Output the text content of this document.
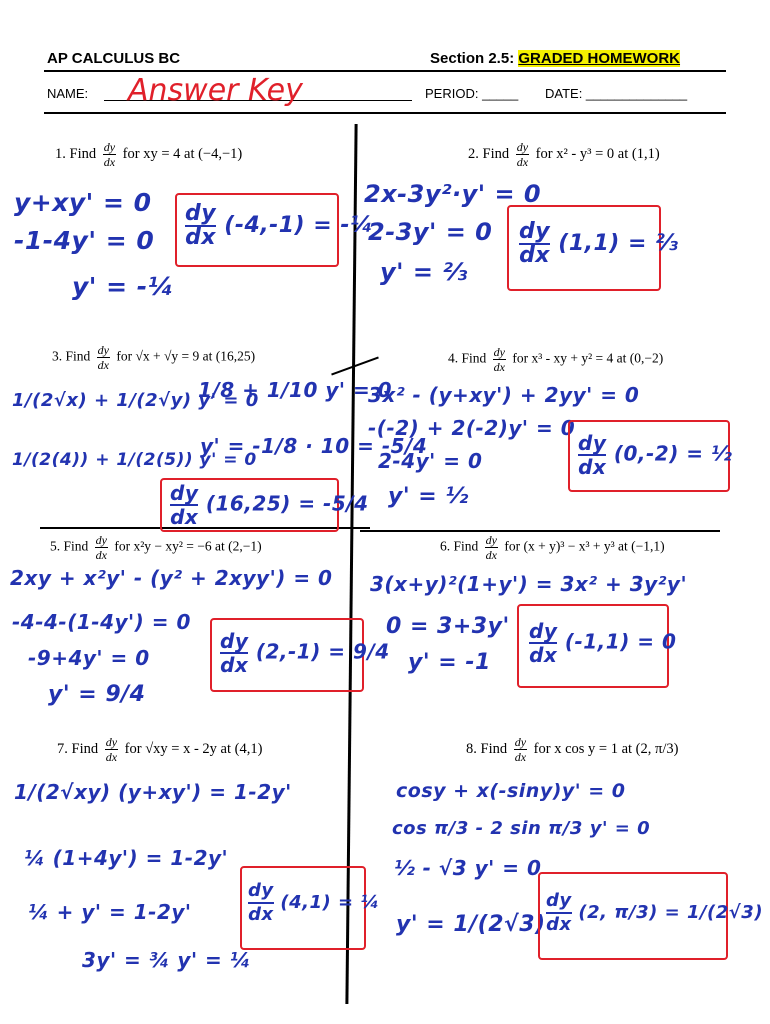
AP CALCULUS BC	Section 2.5: GRADED HOMEWORK
NAME: Answer Key	PERIOD: _____ DATE: ______________
1. Find $\frac{dy}{dx}$ for xy = 4 at (−4,−1)
y+xy' = 0
-1-4y' = 0
y' = -¼
$\frac{dy}{dx} (-4,-1)$ = -¼
2. Find $\frac{dy}{dx}$ for x² - y³ = 0 at (1,1)
2x-3y²·y' = 0
2-3y' = 0
y' = ⅔
$\frac{dy}{dx} (1,1)$ = ⅔
3. Find $\frac{dy}{dx}$ for √x + √y = 9 at (16,25)
1/(2√x) + 1/(2√y) y' = 0
1/(2(4)) + 1/(2(5)) y' = 0
1/8 + 1/10 y' = 0
y' = -1/8 · 10 = -5/4
$\frac{dy}{dx} (16,25) = -5/4$
4. Find $\frac{dy}{dx}$ for x³ - xy + y² = 4 at (0,−2)
3x² - (y+xy') + 2yy' = 0
-(-2) + 2(-2)y' = 0
2-4y' = 0
y' = ½
$\frac{dy}{dx} (0,-2)$ = ½
5. Find $\frac{dy}{dx}$ for x²y − xy² = −6 at (2,−1)
2xy + x²y' - (y² + 2xyy') = 0
-4-4-(1-4y') = 0
-9+4y' = 0
y' = 9/4
$\frac{dy}{dx} (2,-1) = 9/4$
6. Find $\frac{dy}{dx}$ for (x + y)³ − x³ + y³ at (−1,1)
3(x+y)²(1+y') = 3x² + 3y²y'
0 = 3+3y'
$y' = -1 \frac{dy}{dx} (-1,1) = 0$
7. Find $\frac{dy}{dx}$ for √xy = x - 2y at (4,1)
1/(2√xy) (y+xy') = 1-2y'
¼ (1+4y') = 1-2y'
¼ + y' = 1-2y'
3y' = ¾ y' = ¼
$\frac{dy}{dx} (4,1)$ = ¼
8. Find $\frac{dy}{dx}$ for x cos y = 1 at (2, π/3)
cosy + x(-siny)y' = 0
cos π/3 - 2 sin π/3 y' = 0
½ - √3 y' = 0
$y' = 1/(2√3) \frac{dy}{dx} (2$, π/3) = 1/(2√3)
